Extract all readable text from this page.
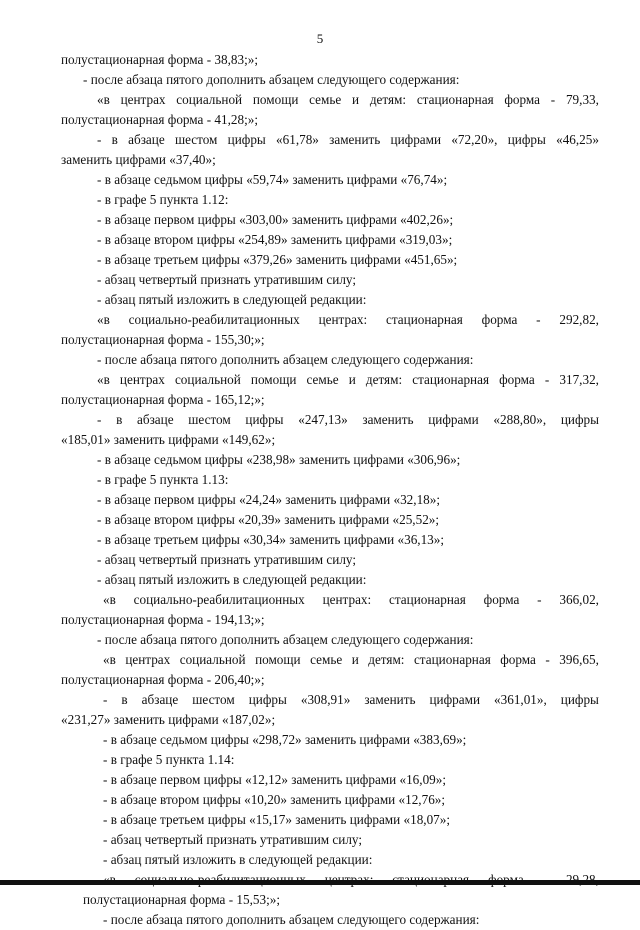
5
полустационарная форма - 38,83;»;
- после абзаца пятого дополнить абзацем следующего содержания:
«в центрах социальной помощи семье и детям: стационарная форма - 79,33,
полустационарная форма - 41,28;»;
- в абзаце шестом цифры «61,78» заменить цифрами «72,20», цифры «46,25»
заменить цифрами «37,40»;
- в абзаце седьмом цифры «59,74» заменить цифрами «76,74»;
- в графе 5 пункта 1.12:
- в абзаце первом цифры «303,00» заменить цифрами «402,26»;
- в абзаце втором цифры «254,89» заменить цифрами «319,03»;
- в абзаце третьем цифры «379,26» заменить цифрами «451,65»;
- абзац четвертый признать утратившим силу;
- абзац пятый изложить в следующей редакции:
«в социально-реабилитационных центрах: стационарная форма - 292,82,
полустационарная форма - 155,30;»;
- после абзаца пятого дополнить абзацем следующего содержания:
«в центрах социальной помощи семье и детям: стационарная форма - 317,32,
полустационарная форма - 165,12;»;
- в абзаце шестом цифры «247,13» заменить цифрами «288,80», цифры
«185,01» заменить цифрами «149,62»;
- в абзаце седьмом цифры «238,98» заменить цифрами «306,96»;
- в графе 5 пункта 1.13:
- в абзаце первом цифры «24,24» заменить цифрами «32,18»;
- в абзаце втором цифры «20,39» заменить цифрами «25,52»;
- в абзаце третьем цифры «30,34» заменить цифрами «36,13»;
- абзац четвертый признать утратившим силу;
- абзац пятый изложить в следующей редакции:
«в социально-реабилитационных центрах: стационарная форма - 366,02,
полустационарная форма - 194,13;»;
- после абзаца пятого дополнить абзацем следующего содержания:
«в центрах социальной помощи семье и детям: стационарная форма - 396,65,
полустационарная форма - 206,40;»;
- в абзаце шестом цифры «308,91» заменить цифрами «361,01», цифры
«231,27» заменить цифрами «187,02»;
- в абзаце седьмом цифры «298,72» заменить цифрами «383,69»;
- в графе 5 пункта 1.14:
- в абзаце первом цифры «12,12» заменить цифрами «16,09»;
- в абзаце втором цифры «10,20» заменить цифрами «12,76»;
- в абзаце третьем цифры «15,17» заменить цифрами «18,07»;
- абзац четвертый признать утратившим силу;
- абзац пятый изложить в следующей редакции:
полустационарная форма - 15,53;»;
- после абзаца пятого дополнить абзацем следующего содержания:
